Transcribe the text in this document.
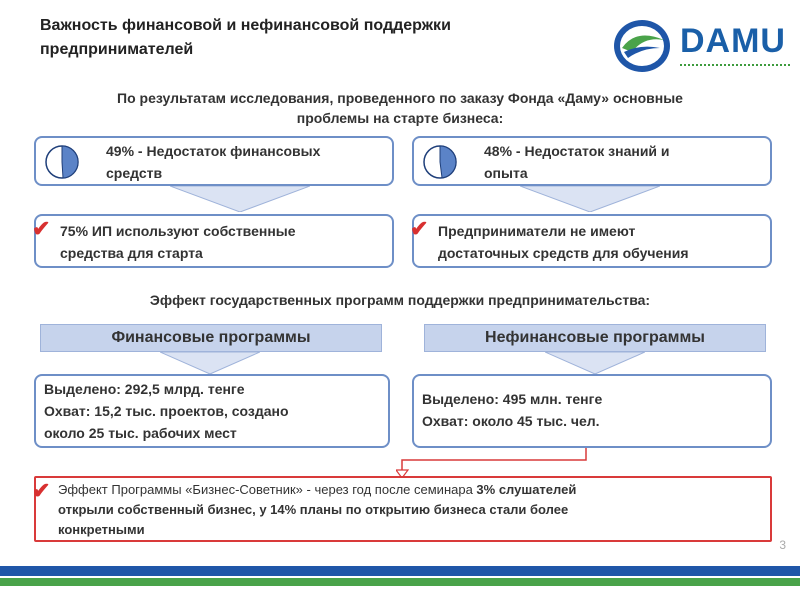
Важность финансовой и нефинансовой поддержки
предпринимателей	DAMU
По результатам исследования, проведенного по заказу Фонда «Даму» основные
проблемы на старте бизнеса:
49% - Недостаток финансовых
средств
48% - Недостаток знаний и
опыта
✔ 75% ИП используют собственные
средства для старта
✔ Предприниматели не имеют
достаточных средств для обучения
Эффект государственных программ поддержки предпринимательства:
Финансовые программы	Нефинансовые программы
Выделено: 292,5 млрд. тенге
Охват: 15,2 тыс. проектов, создано
около 25 тыс. рабочих мест
Выделено: 495 млн. тенге
Охват: около 45 тыс. чел.
✔ Эффект Программы «Бизнес-Советник» - через год после семинара 3% слушателей
открыли собственный бизнес, у 14% планы по открытию бизнеса стали более
конкретными
3
